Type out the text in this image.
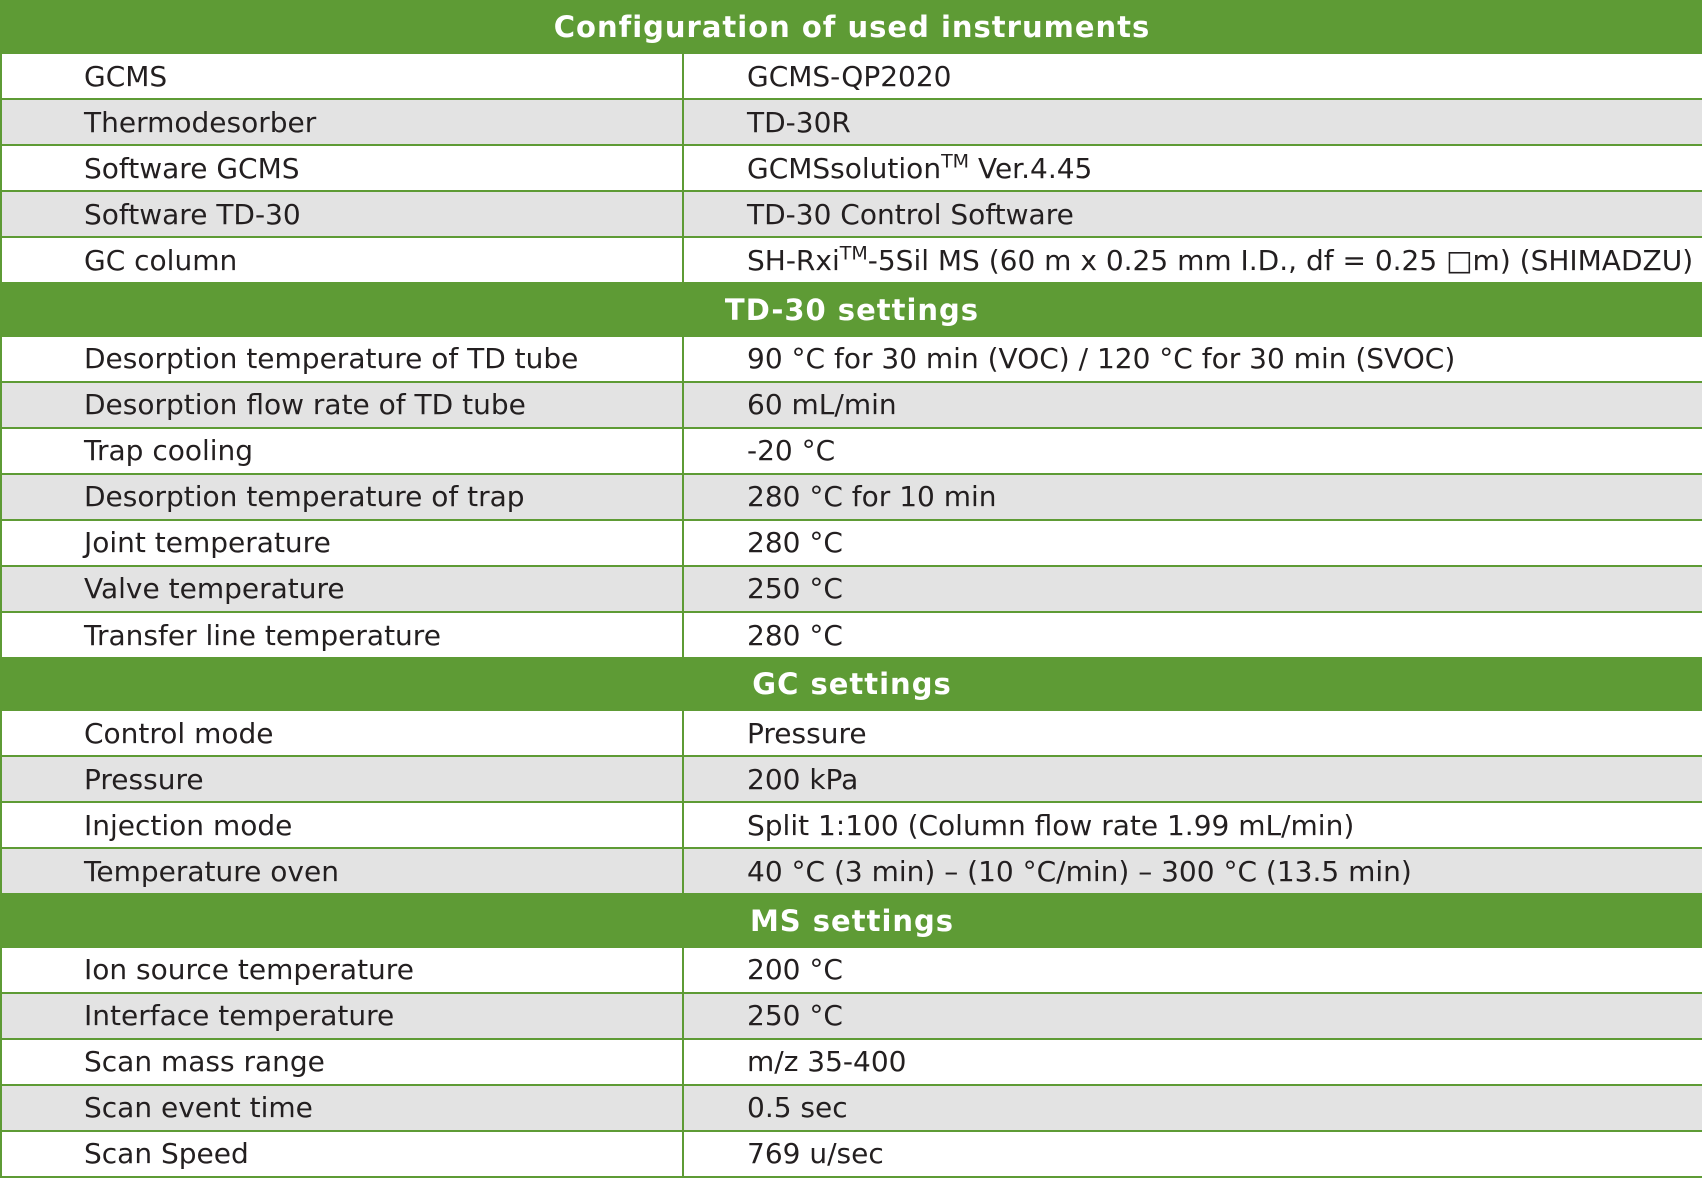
Configuration of used instruments	
GCMS	GCMS-QP2020
Thermodesorber	TD-30R
Software GCMS	GCMSsolution™ Ver.4.45
Software TD-30	TD-30 Control Software
GC column	SH-Rxi™-5Sil MS (60 m x 0.25 mm I.D., df = 0.25 □m) (SHIMADZU)
TD-30 settings	
Desorption temperature of TD tube	90 °C for 30 min (VOC) / 120 °C for 30 min (SVOC)
Desorption flow rate of TD tube	60 mL/min
Trap cooling	-20 °C
Desorption temperature of trap	280 °C for 10 min
Joint temperature	280 °C
Valve temperature	250 °C
Transfer line temperature	280 °C
GC settings	
Control mode	Pressure
Pressure	200 kPa
Injection mode	Split 1:100 (Column flow rate 1.99 mL/min)
Temperature oven	40 °C (3 min) – (10 °C/min) – 300 °C (13.5 min)
MS settings	
Ion source temperature	200 °C
Interface temperature	250 °C
Scan mass range	m/z 35-400
Scan event time	0.5 sec
Scan Speed	769 u/sec
